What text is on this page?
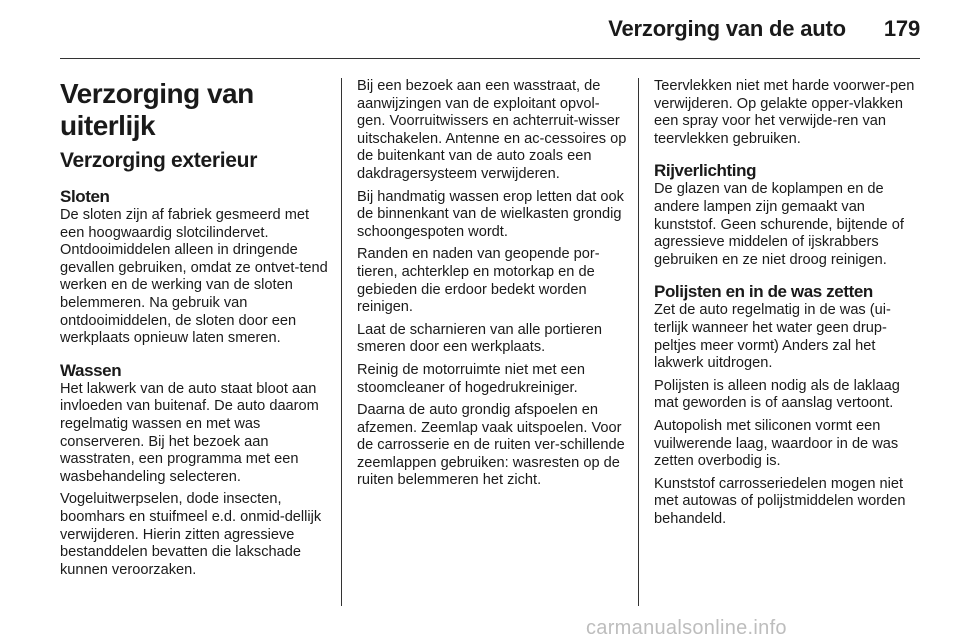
Verzorging van de auto 179
Verzorging van uiterlijk
Verzorging exterieur
Sloten

De sloten zijn af fabriek gesmeerd met een hoogwaardig slotcilindervet. Ontdooimiddelen alleen in dringende gevallen gebruiken, omdat ze ontvet-tend werken en de werking van de sloten belemmeren. Na gebruik van ontdooimiddelen, de sloten door een werkplaats opnieuw laten smeren.

Wassen

Het lakwerk van de auto staat bloot aan invloeden van buitenaf. De auto daarom regelmatig wassen en met was conserveren. Bij het bezoek aan wasstraten, een programma met een wasbehandeling selecteren.

Vogeluitwerpselen, dode insecten, boomhars en stuifmeel e.d. onmid-dellijk verwijderen. Hierin zitten agressieve bestanddelen bevatten die lakschade kunnen veroorzaken.

Bij een bezoek aan een wasstraat, de aanwijzingen van de exploitant opvol-gen. Voorruitwissers en achterruit-wisser uitschakelen. Antenne en ac-cessoires op de buitenkant van de auto zoals een dakdragersysteem verwijderen.

Bij handmatig wassen erop letten dat ook de binnenkant van de wielkasten grondig schoongespoten wordt.

Randen en naden van geopende por-tieren, achterklep en motorkap en de gebieden die erdoor bedekt worden reinigen.

Laat de scharnieren van alle portieren smeren door een werkplaats.

Reinig de motorruimte niet met een stoomcleaner of hogedrukreiniger.

Daarna de auto grondig afspoelen en afzemen. Zeemlap vaak uitspoelen. Voor de carrosserie en de ruiten ver-schillende zeemlappen gebruiken: wasresten op de ruiten belemmeren het zicht.

Teervlekken niet met harde voorwer-pen verwijderen. Op gelakte opper-vlakken een spray voor het verwijde-ren van teervlekken gebruiken.

Rijverlichting

De glazen van de koplampen en de andere lampen zijn gemaakt van kunststof. Geen schurende, bijtende of agressieve middelen of ijskrabbers gebruiken en ze niet droog reinigen.

Polijsten en in de was zetten

Zet de auto regelmatig in de was (ui-terlijk wanneer het water geen drup-peltjes meer vormt) Anders zal het lakwerk uitdrogen.

Polijsten is alleen nodig als de laklaag mat geworden is of aanslag vertoont.

Autopolish met siliconen vormt een vuilwerende laag, waardoor in de was zetten overbodig is.

Kunststof carrosseriedelen mogen niet met autowas of polijstmiddelen worden behandeld.

carmanualsonline.info
